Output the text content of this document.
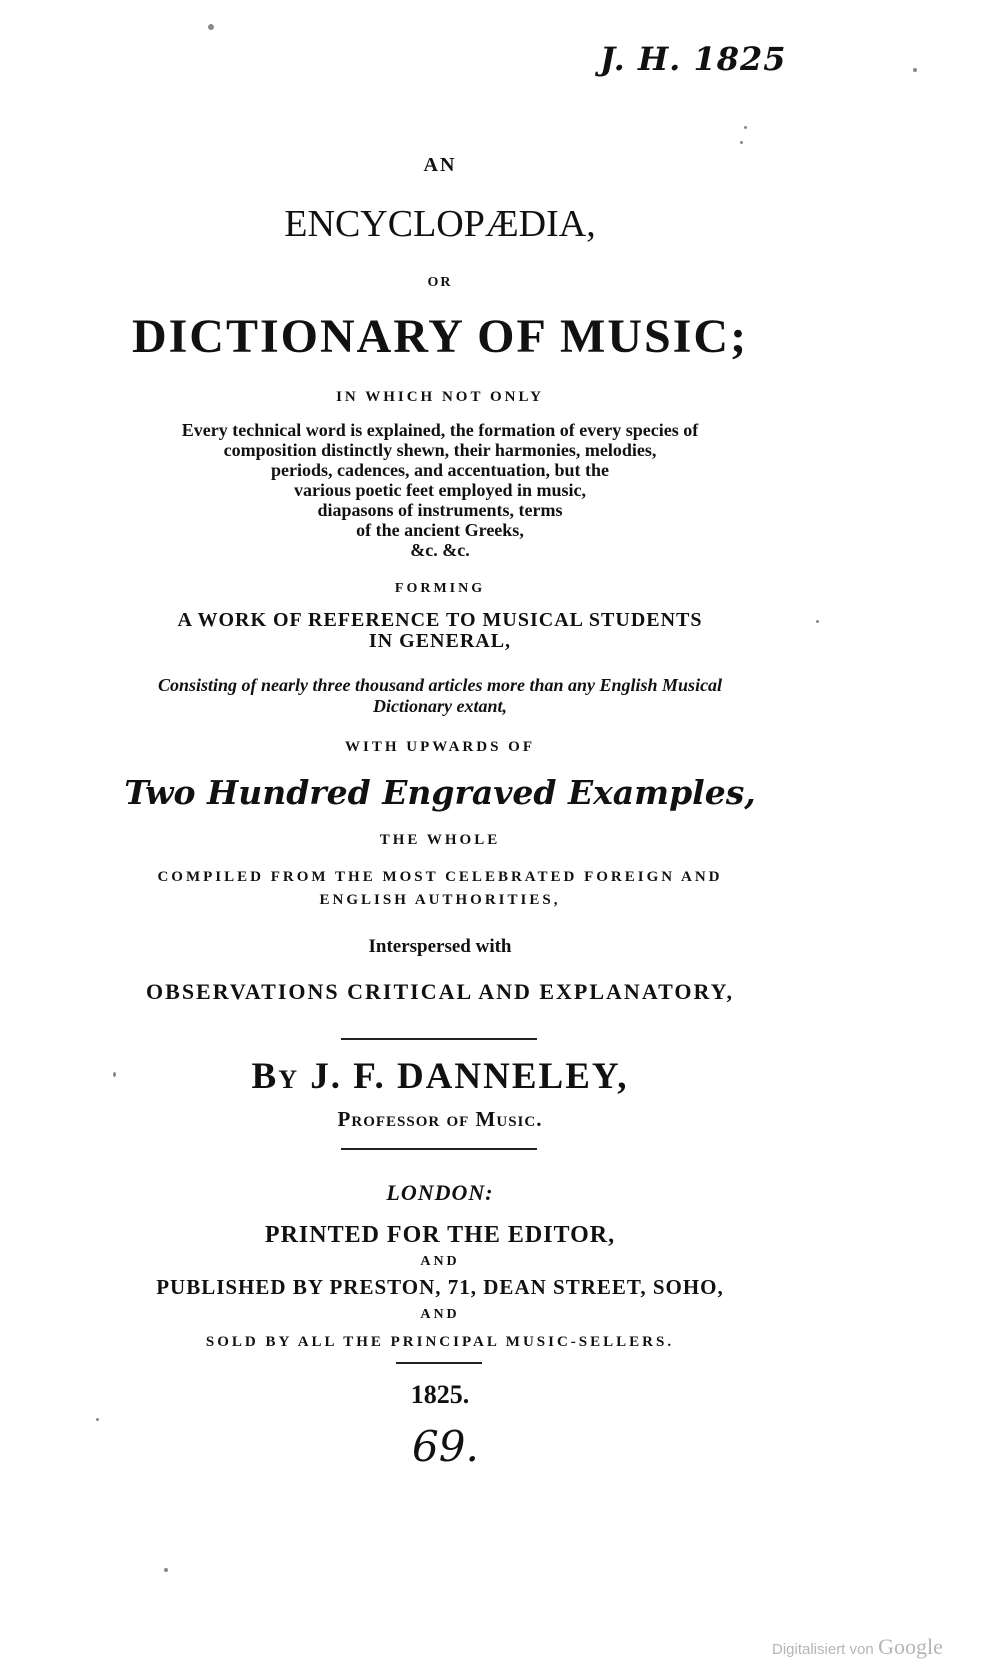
J. H. 1825
AN
ENCYCLOPÆDIA,
OR
DICTIONARY OF MUSIC;
IN WHICH NOT ONLY
Every technical word is explained, the formation of every species of
composition distinctly shewn, their harmonies, melodies,
periods, cadences, and accentuation, but the
various poetic feet employed in music,
diapasons of instruments, terms
of the ancient Greeks,
&c. &c.
FORMING
A WORK OF REFERENCE TO MUSICAL STUDENTS
IN GENERAL,
Consisting of nearly three thousand articles more than any English Musical
Dictionary extant,
WITH UPWARDS OF
Two Hundred Engraved Examples,
THE WHOLE
COMPILED FROM THE MOST CELEBRATED FOREIGN AND
ENGLISH AUTHORITIES,
Interspersed with
OBSERVATIONS CRITICAL AND EXPLANATORY,
By J. F. DANNELEY,
Professor of Music.
LONDON:
PRINTED FOR THE EDITOR,
AND
PUBLISHED BY PRESTON, 71, DEAN STREET, SOHO,
AND
SOLD BY ALL THE PRINCIPAL MUSIC-SELLERS.
1825.
69.
Digitalisiert von Google
